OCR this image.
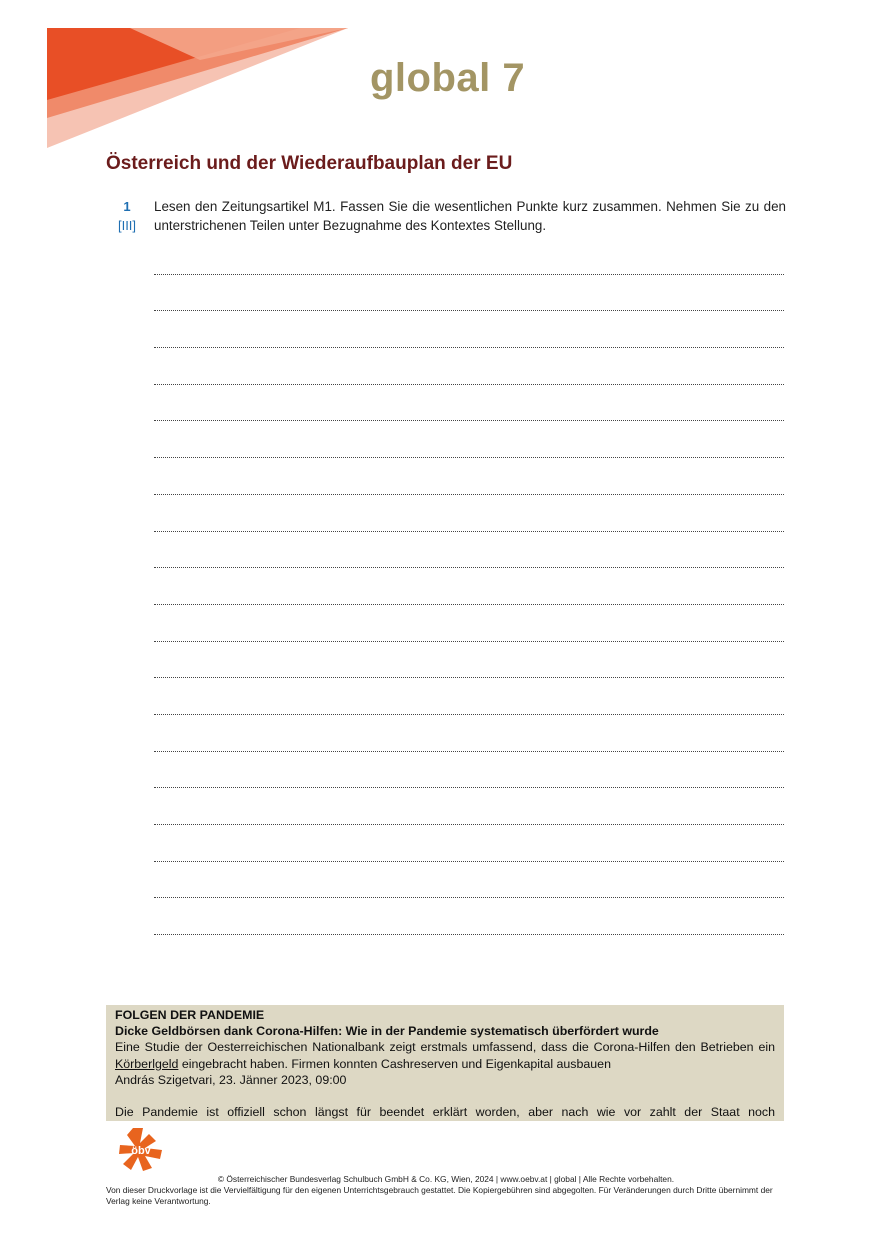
global 7
Österreich und der Wiederaufbauplan der EU
1
[III]
Lesen den Zeitungsartikel M1. Fassen Sie die wesentlichen Punkte kurz zusammen. Nehmen Sie zu den unterstrichenen Teilen unter Bezugnahme des Kontextes Stellung.
FOLGEN DER PANDEMIE
Dicke Geldbörsen dank Corona-Hilfen: Wie in der Pandemie systematisch überfördert wurde
Eine Studie der Oesterreichischen Nationalbank zeigt erstmals umfassend, dass die Corona-Hilfen den Betrieben ein Körberlgeld eingebracht haben. Firmen konnten Cashreserven und Eigenkapital ausbauen
András Szigetvari, 23. Jänner 2023, 09:00
Die Pandemie ist offiziell schon längst für beendet erklärt worden, aber nach wie vor zahlt der Staat noch
öbv
© Österreichischer Bundesverlag Schulbuch GmbH & Co. KG, Wien, 2024 | www.oebv.at | global | Alle Rechte vorbehalten.
Von dieser Druckvorlage ist die Vervielfältigung für den eigenen Unterrichtsgebrauch gestattet. Die Kopiergebühren sind abgegolten. Für Veränderungen durch Dritte übernimmt der Verlag keine Verantwortung.
